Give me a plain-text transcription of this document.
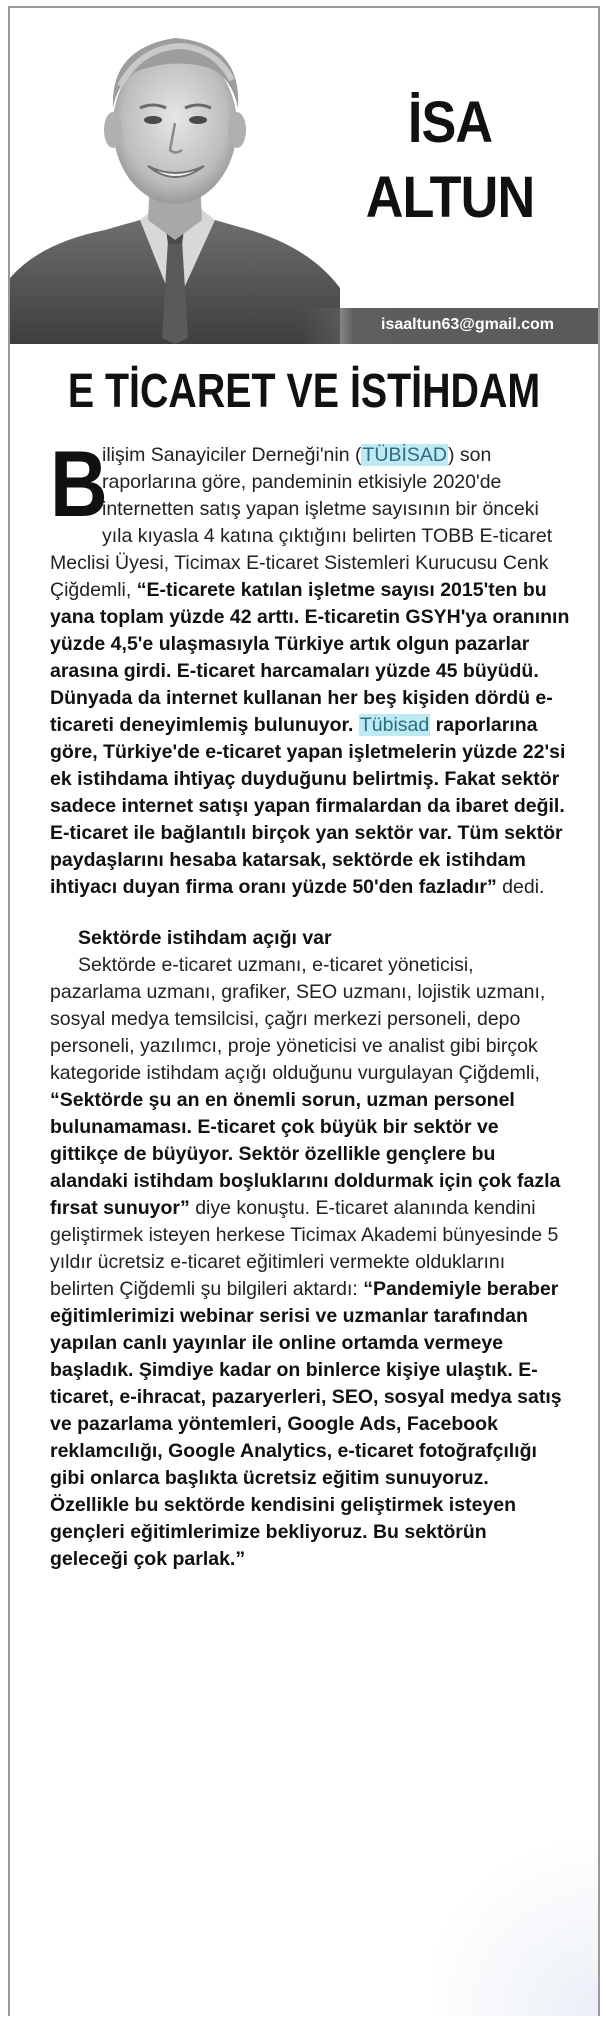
İSA
ALTUN
isaaltun63@gmail.com
E TİCARET VE İSTİHDAM
B
ilişim Sanayiciler Derneği'nin (TÜBİSAD) son raporlarına göre, pandeminin etkisiyle 2020'de internetten satış yapan işletme sayısının bir önceki yıla kıyasla 4 katına çıktığını belirten TOBB E-ticaret Meclisi Üyesi, Ticimax E-ticaret Sistemleri Kurucusu Cenk Çiğdemli, “E-ticarete katılan işletme sayısı 2015'ten bu yana toplam yüzde 42 arttı. E-ticaretin GSYH'ya oranının yüzde 4,5'e ulaşmasıyla Türkiye artık olgun pazarlar arasına girdi. E-ticaret harcamaları yüzde 45 büyüdü. Dünyada da internet kullanan her beş kişiden dördü e-ticareti deneyimlemiş bulunuyor. Tübisad raporlarına göre, Türkiye'de e-ticaret yapan işletmelerin yüzde 22'si ek istihdama ihtiyaç duyduğunu belirtmiş. Fakat sektör sadece internet satışı yapan firmalardan da ibaret değil. E-ticaret ile bağlantılı birçok yan sektör var. Tüm sektör paydaşlarını hesaba katarsak, sektörde ek istihdam ihtiyacı duyan firma oranı yüzde 50'den fazladır” dedi.

Sektörde istihdam açığı var

Sektörde e-ticaret uzmanı, e-ticaret yöneticisi, pazarlama uzmanı, grafiker, SEO uzmanı, lojistik uzmanı, sosyal medya temsilcisi, çağrı merkezi personeli, depo personeli, yazılımcı, proje yöneticisi ve analist gibi birçok kategoride istihdam açığı olduğunu vurgulayan Çiğdemli, “Sektörde şu an en önemli sorun, uzman personel bulunamaması. E-ticaret çok büyük bir sektör ve gittikçe de büyüyor. Sektör özellikle gençlere bu alandaki istihdam boşluklarını doldurmak için çok fazla fırsat sunuyor” diye konuştu. E-ticaret alanında kendini geliştirmek isteyen herkese Ticimax Akademi bünyesinde 5 yıldır ücretsiz e-ticaret eğitimleri vermekte olduklarını belirten Çiğdemli şu bilgileri aktardı: “Pandemiyle beraber eğitimlerimizi webinar serisi ve uzmanlar tarafından yapılan canlı yayınlar ile online ortamda vermeye başladık. Şimdiye kadar on binlerce kişiye ulaştık. E-ticaret, e-ihracat, pazaryerleri, SEO, sosyal medya satış ve pazarlama yöntemleri, Google Ads, Facebook reklamcılığı, Google Analytics, e-ticaret fotoğrafçılığı gibi onlarca başlıkta ücretsiz eğitim sunuyoruz. Özellikle bu sektörde kendisini geliştirmek isteyen gençleri eğitimlerimize bekliyoruz. Bu sektörün geleceği çok parlak.”
